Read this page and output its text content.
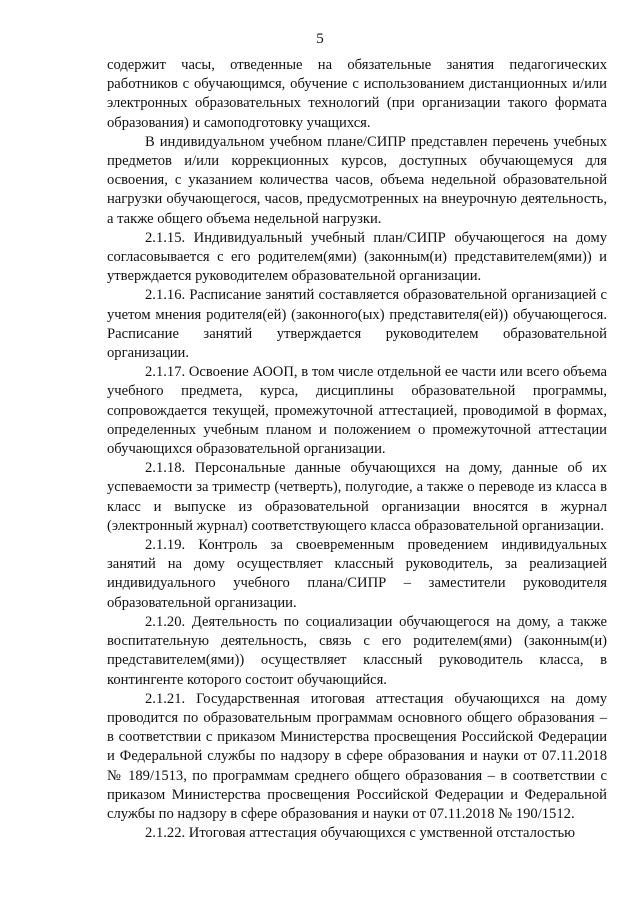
5

содержит часы, отведенные на обязательные занятия педагогических работников с обучающимся, обучение с использованием дистанционных и/или электронных образовательных технологий (при организации такого формата образования) и самоподготовку учащихся.

В индивидуальном учебном плане/СИПР представлен перечень учебных предметов и/или коррекционных курсов, доступных обучающемуся для освоения, с указанием количества часов, объема недельной образовательной нагрузки обучающегося, часов, предусмотренных на внеурочную деятельность, а также общего объема недельной нагрузки.

2.1.15. Индивидуальный учебный план/СИПР обучающегося на дому согласовывается с его родителем(ями) (законным(и) представителем(ями)) и утверждается руководителем образовательной организации.

2.1.16. Расписание занятий составляется образовательной организацией с учетом мнения родителя(ей) (законного(ых) представителя(ей)) обучающегося. Расписание занятий утверждается руководителем образовательной организации.

2.1.17. Освоение АООП, в том числе отдельной ее части или всего объема учебного предмета, курса, дисциплины образовательной программы, сопровождается текущей, промежуточной аттестацией, проводимой в формах, определенных учебным планом и положением о промежуточной аттестации обучающихся образовательной организации.

2.1.18. Персональные данные обучающихся на дому, данные об их успеваемости за триместр (четверть), полугодие, а также о переводе из класса в класс и выпуске из образовательной организации вносятся в журнал (электронный журнал) соответствующего класса образовательной организации.

2.1.19. Контроль за своевременным проведением индивидуальных занятий на дому осуществляет классный руководитель, за реализацией индивидуального учебного плана/СИПР – заместители руководителя образовательной организации.

2.1.20. Деятельность по социализации обучающегося на дому, а также воспитательную деятельность, связь с его родителем(ями) (законным(и) представителем(ями)) осуществляет классный руководитель класса, в контингенте которого состоит обучающийся.

2.1.21. Государственная итоговая аттестация обучающихся на дому проводится по образовательным программам основного общего образования – в соответствии с приказом Министерства просвещения Российской Федерации и Федеральной службы по надзору в сфере образования и науки от 07.11.2018 № 189/1513, по программам среднего общего образования – в соответствии с приказом Министерства просвещения Российской Федерации и Федеральной службы по надзору в сфере образования и науки от 07.11.2018 № 190/1512.

2.1.22. Итоговая аттестация обучающихся с умственной отсталостью
